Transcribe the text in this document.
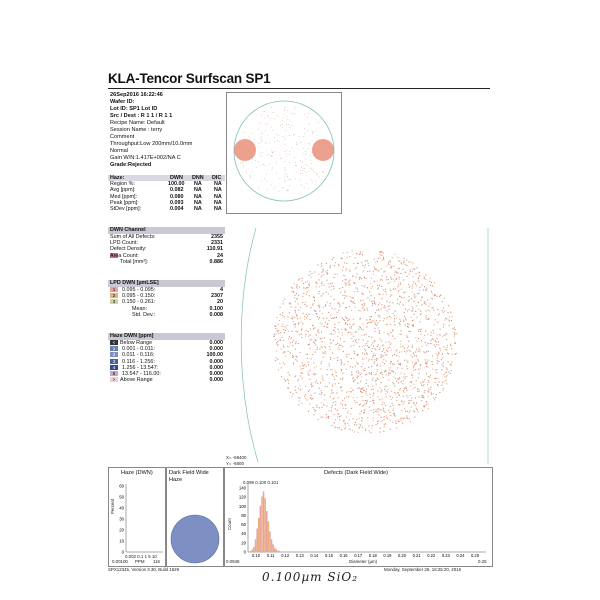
KLA-Tencor Surfscan SP1
26Sep2016 16:22:46
Wafer ID:
Lot ID: SP1 Lot ID
Src / Dest : R 1 1 / R 1 1
Recipe Name: Default
Session Name : terry
Comment
Throughput:Low 200mm/10.0mm
Normal
Gain W/N:1.417E+002/NA C
Grade:Rejected
Haze:	DWN DNN DIC
Region %:	100.00 NA NA
Avg [ppm]:	0.082 NA NA
Med [ppm]:	0.080 NA NA
Peak [ppm]:	0.093 NA NA
StDev [ppm]:	0.004 NA NA
DWN Channel
Sum of All Defects:	2355
LPD Count:	2331
Defect Density:	110.91
Area Count:	24
Total [mm²]:	0.886
LPD DWN [µmLSE]
1	0.095 - 0.095:	4
2	0.095 - 0.150:	2307
3	0.150 - 0.261:	20
Mean:	0.100
Std. Dev.:	0.008
Haze DWN [ppm]
< Below Range	0.000
1	0.001 - 0.011:	0.000
2	0.011 - 0.116:	100.00
3	0.116 - 1.256:	0.000
4	1.256 - 13.547:	0.000
5	13.547 - 116.00:	0.000
> Above Range	0.000
X= -68400
Y= -6600
Haze (DWN)
60
50
40
30
20
10
0
Percent
0.002 0.1 1 5 10
0.00100 PPM 116
Dark Field Wide
Haze
Defects (Dark Field Wide)
0.099 0.100 0.101
140
120
100
80
60
40
20
0
0.10 0.11 0.12 0.13 0.14 0.15 0.16 0.17 0.18 0.19 0.20 0.21 0.22 0.23 0.24 0.25
Count
0.0948	Diameter (µm)	0.25
SPX12345, Version 3.30, Build 1629	Monday, September 26, 16:25:20, 2016
0.100µm SiO₂
